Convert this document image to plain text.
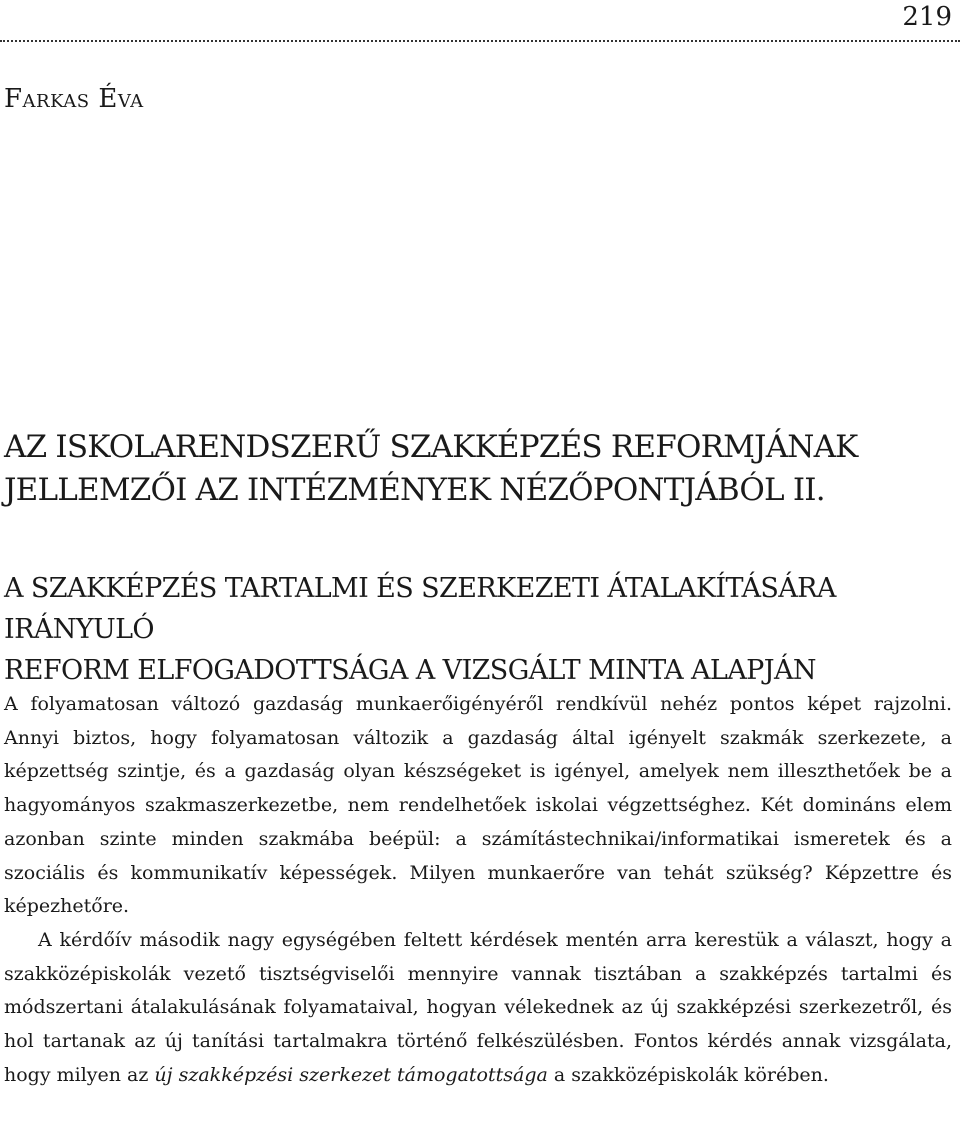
219
Farkas Éva
AZ ISKOLARENDSZERŰ SZAKKÉPZÉS REFORMJÁNAK
JELLEMZŐI AZ INTÉZMÉNYEK NÉZŐPONTJÁBÓL II.
A SZAKKÉPZÉS TARTALMI ÉS SZERKEZETI ÁTALAKÍTÁSÁRA IRÁNYULÓ
REFORM ELFOGADOTTSÁGA A VIZSGÁLT MINTA ALAPJÁN

A folyamatosan változó gazdaság munkaerőigényéről rendkívül nehéz pontos képet rajzolni. Annyi biztos, hogy folyamatosan változik a gazdaság által igényelt szakmák szerkezete, a képzettség szintje, és a gazdaság olyan készségeket is igényel, amelyek nem illeszthetőek be a hagyományos szakmaszerkezetbe, nem rendelhetőek iskolai végzettséghez. Két domináns elem azonban szinte minden szakmába beépül: a számítástechnikai/informatikai ismeretek és a szociális és kommunikatív képességek. Milyen munkaerőre van tehát szükség? Képzettre és képezhetőre.

A kérdőív második nagy egységében feltett kérdések mentén arra kerestük a választ, hogy a szakközépiskolák vezető tisztségviselői mennyire vannak tisztában a szakképzés tartalmi és módszertani átalakulásának folyamataival, hogyan vélekednek az új szakképzési szerkezetről, és hol tartanak az új tanítási tartalmakra történő felkészülésben. Fontos kérdés annak vizsgálata, hogy milyen az új szakképzési szerkezet támogatottsága a szakközépiskolák körében.
